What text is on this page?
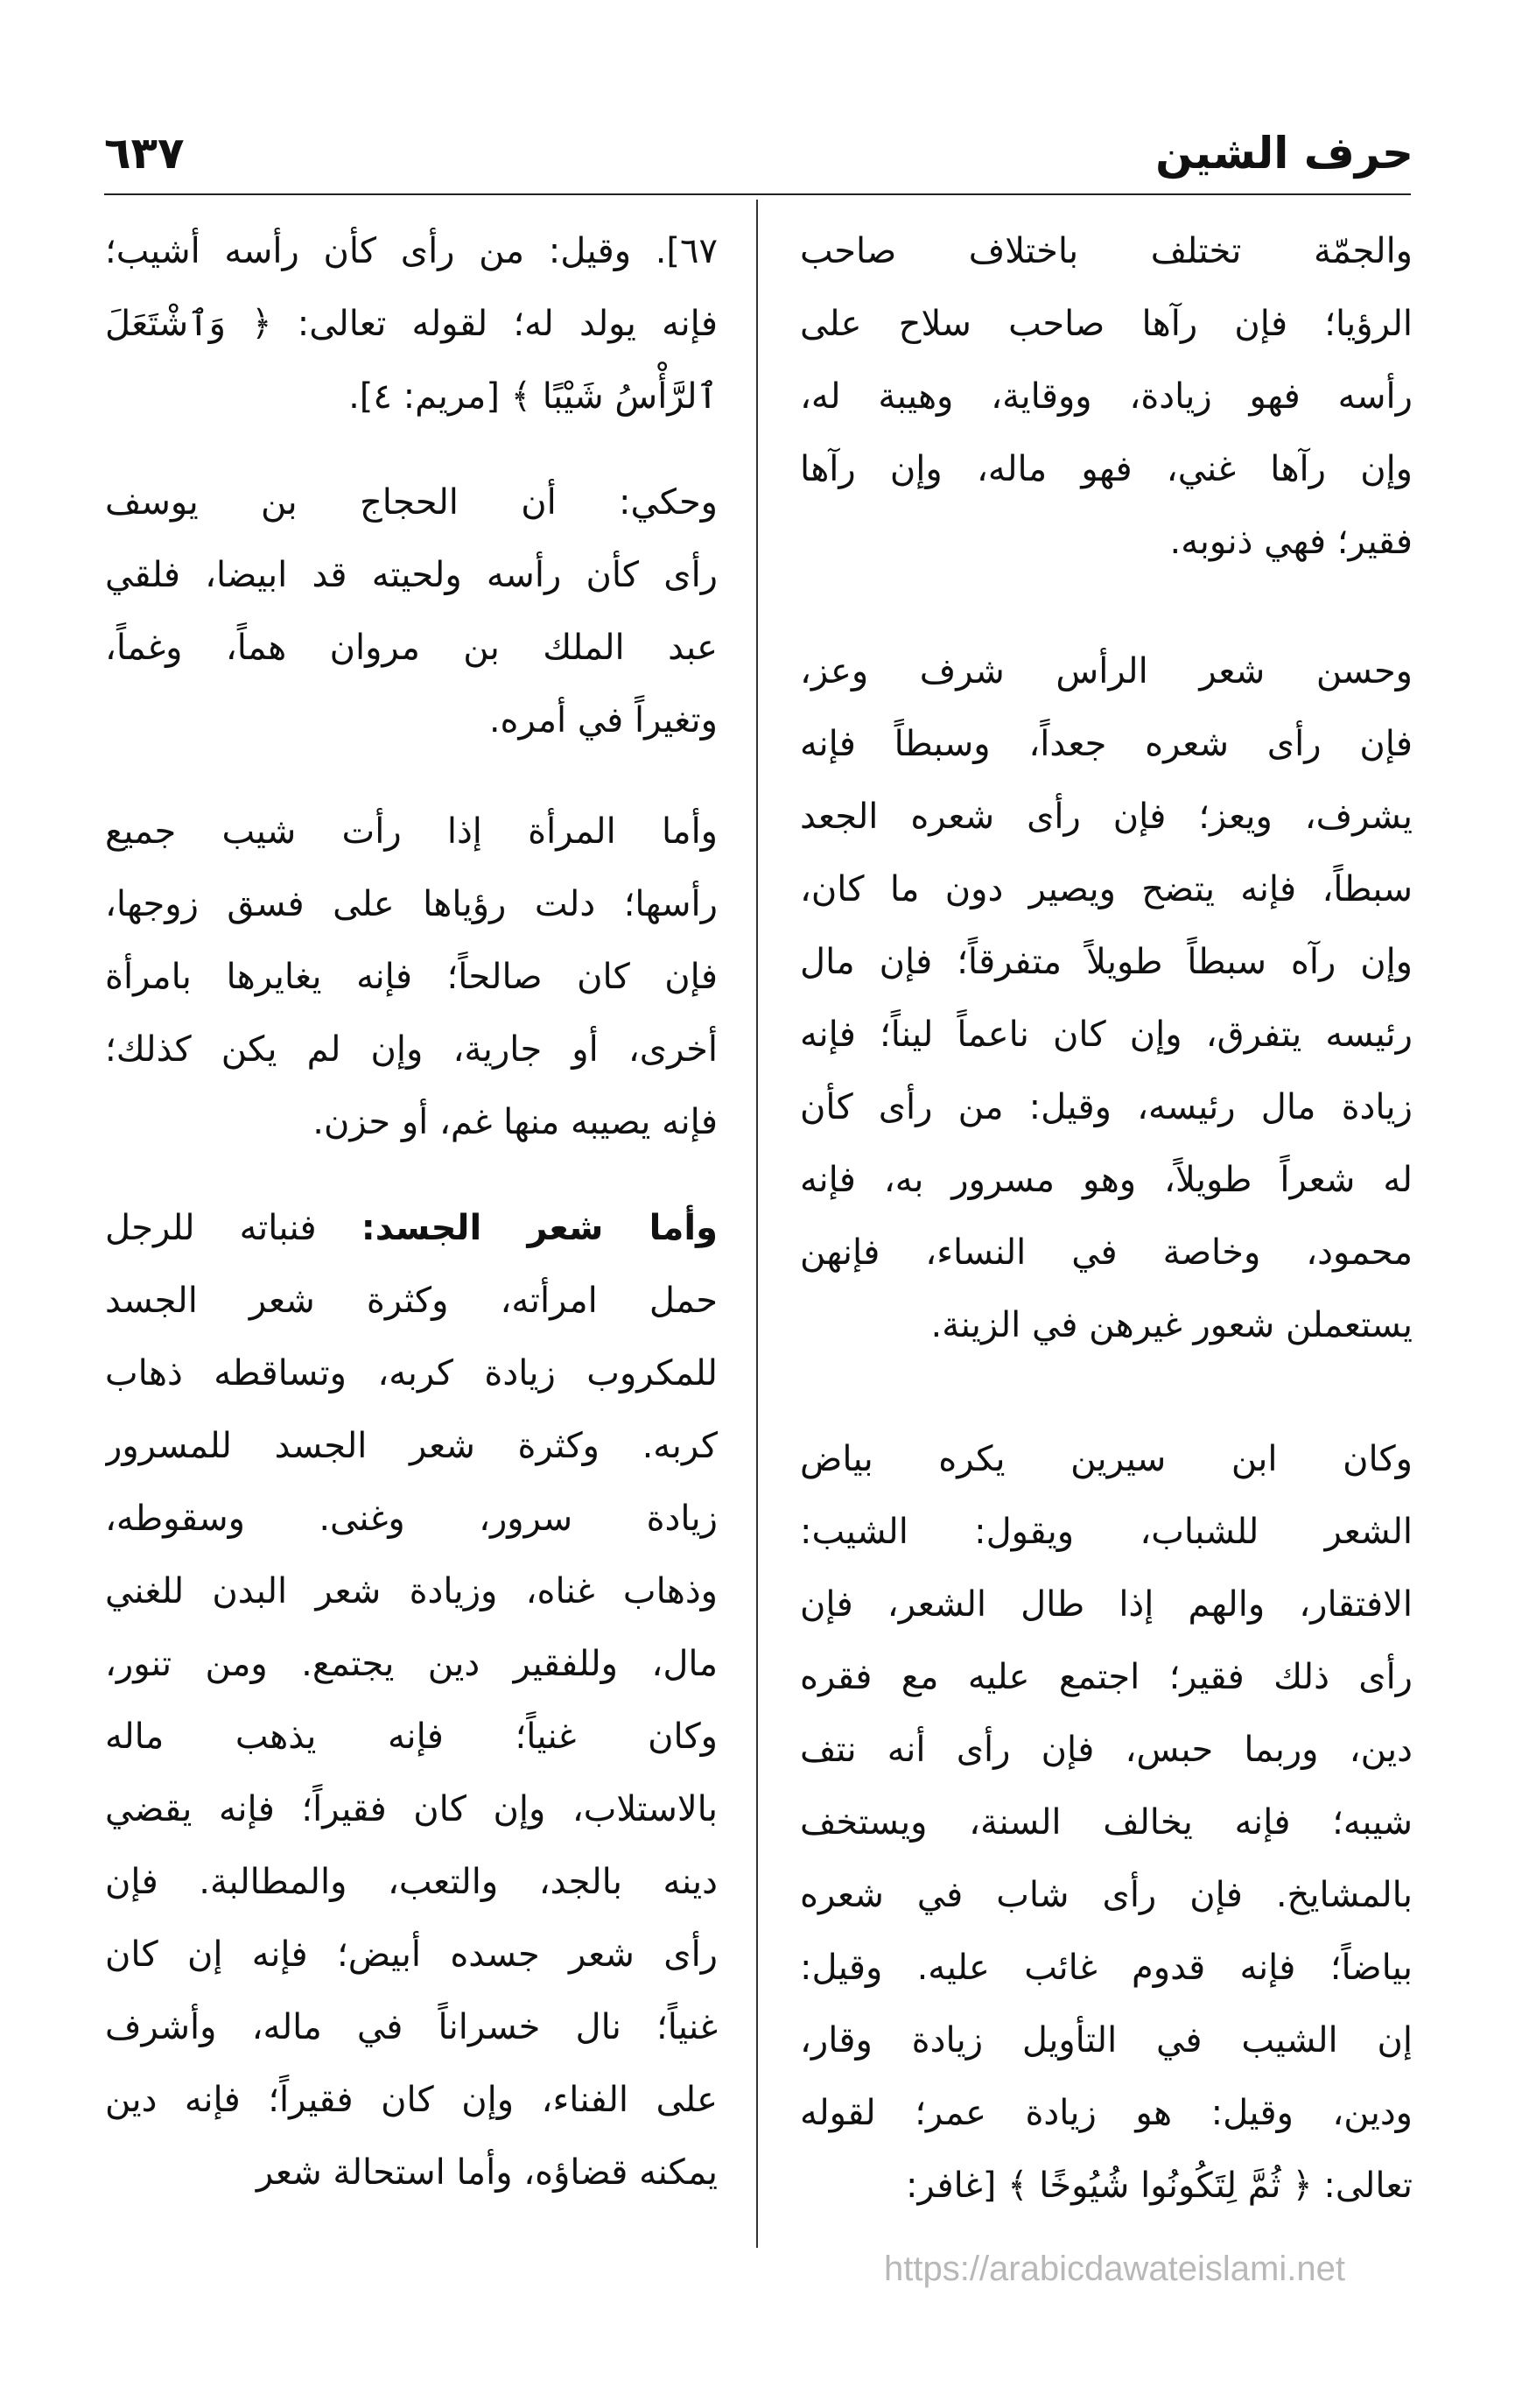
حرف الشين
٦٣٧
والجمّة تختلف باختلاف صاحب
الرؤيا؛ فإن رآها صاحب سلاح على
رأسه فهو زيادة، ووقاية، وهيبة له،
وإن رآها غني، فهو ماله، وإن رآها
فقير؛ فهي ذنوبه.
وحسن شعر الرأس شرف وعز،
فإن رأى شعره جعداً، وسبطاً فإنه
يشرف، ويعز؛ فإن رأى شعره الجعد
سبطاً، فإنه يتضح ويصير دون ما كان،
وإن رآه سبطاً طويلاً متفرقاً؛ فإن مال
رئيسه يتفرق، وإن كان ناعماً ليناً؛ فإنه
زيادة مال رئيسه، وقيل: من رأى كأن
له شعراً طويلاً، وهو مسرور به، فإنه
محمود، وخاصة في النساء، فإنهن
يستعملن شعور غيرهن في الزينة.
وكان ابن سيرين يكره بياض
الشعر للشباب، ويقول: الشيب:
الافتقار، والهم إذا طال الشعر، فإن
رأى ذلك فقير؛ اجتمع عليه مع فقره
دين، وربما حبس، فإن رأى أنه نتف
شيبه؛ فإنه يخالف السنة، ويستخف
بالمشايخ. فإن رأى شاب في شعره
بياضاً؛ فإنه قدوم غائب عليه. وقيل:
إن الشيب في التأويل زيادة وقار،
ودين، وقيل: هو زيادة عمر؛ لقوله
تعالى: ﴿ ثُمَّ لِتَكُونُوا شُيُوخًا ﴾ [غافر:
٦٧]. وقيل: من رأى كأن رأسه أشيب؛
فإنه يولد له؛ لقوله تعالى: ﴿ وَٱشْتَعَلَ
ٱلرَّأْسُ شَيْبًا ﴾ [مريم: ٤].
وحكي: أن الحجاج بن يوسف
رأى كأن رأسه ولحيته قد ابيضا، فلقي
عبد الملك بن مروان هماً، وغماً،
وتغيراً في أمره.
وأما المرأة إذا رأت شيب جميع
رأسها؛ دلت رؤياها على فسق زوجها،
فإن كان صالحاً؛ فإنه يغايرها بامرأة
أخرى، أو جارية، وإن لم يكن كذلك؛
فإنه يصيبه منها غم، أو حزن.
وأما شعر الجسد: فنباته للرجل
حمل امرأته، وكثرة شعر الجسد
للمكروب زيادة كربه، وتساقطه ذهاب
كربه. وكثرة شعر الجسد للمسرور
زيادة سرور، وغنى. وسقوطه،
وذهاب غناه، وزيادة شعر البدن للغني
مال، وللفقير دين يجتمع. ومن تنور،
وكان غنياً؛ فإنه يذهب ماله
بالاستلاب، وإن كان فقيراً؛ فإنه يقضي
دينه بالجد، والتعب، والمطالبة. فإن
رأى شعر جسده أبيض؛ فإنه إن كان
غنياً؛ نال خسراناً في ماله، وأشرف
على الفناء، وإن كان فقيراً؛ فإنه دين
يمكنه قضاؤه، وأما استحالة شعر
https://arabicdawateislami.net
